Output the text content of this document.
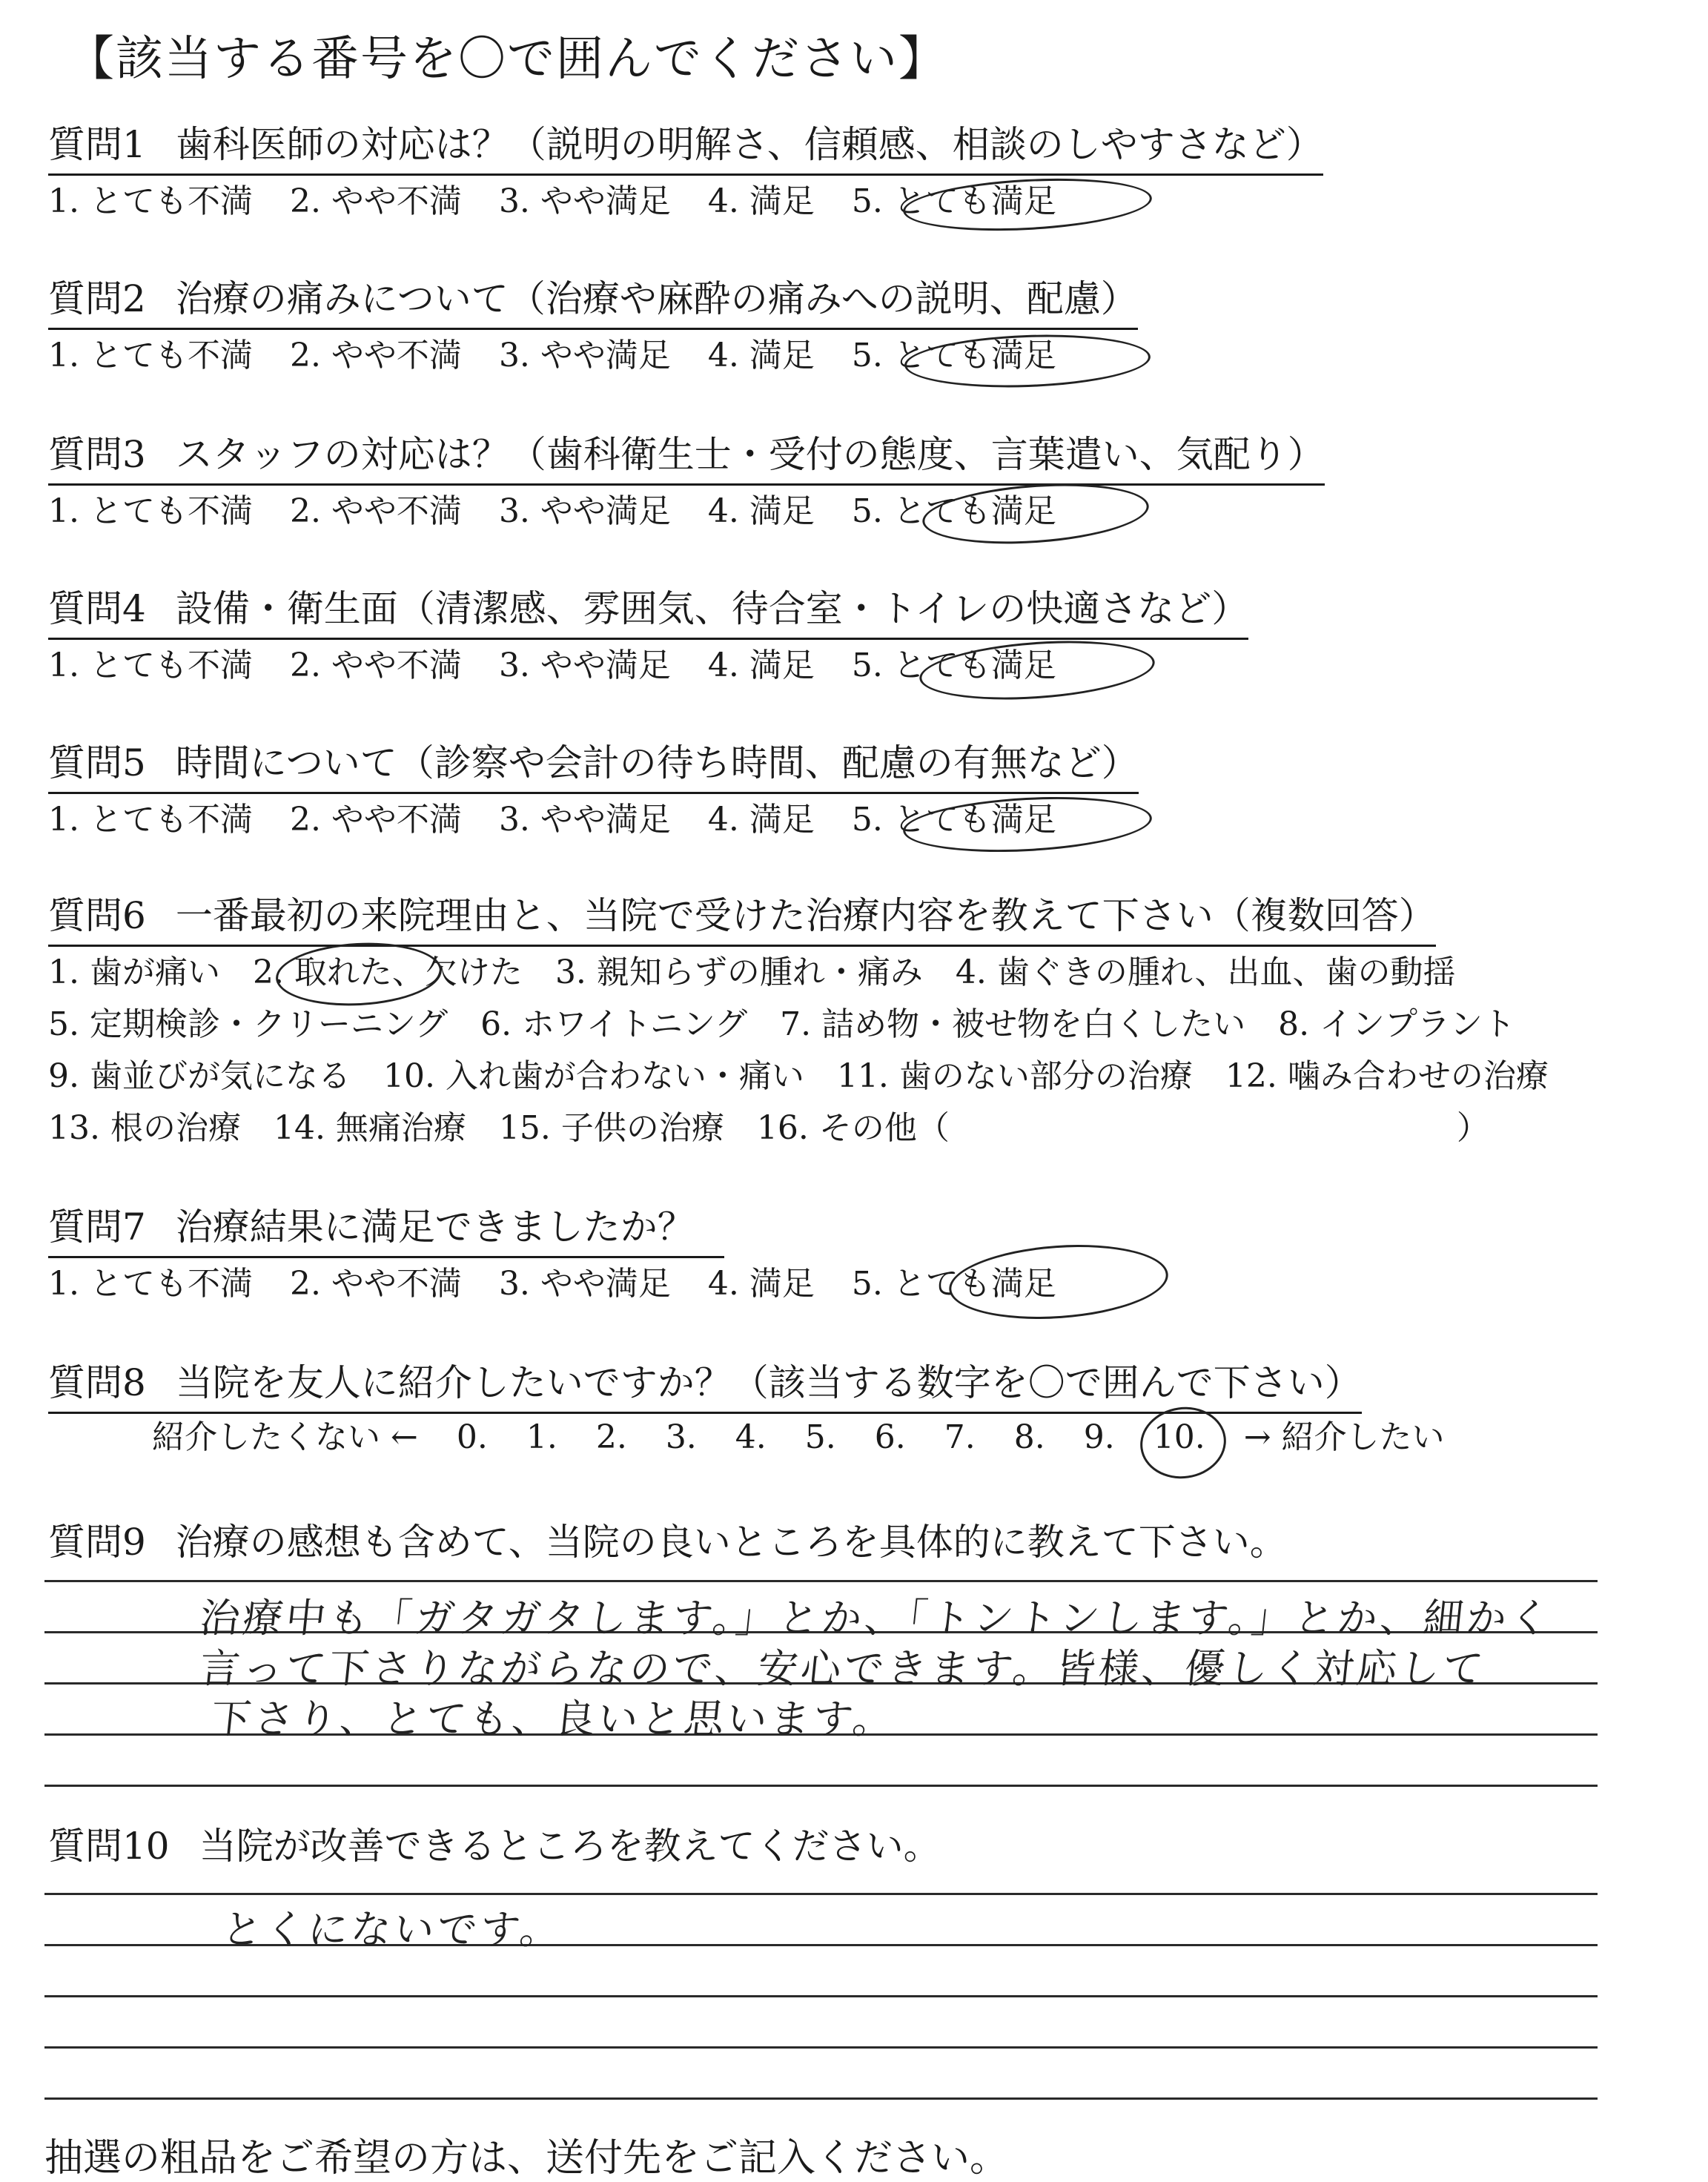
【該当する番号を〇で囲んでください】
質問1 歯科医師の対応は？（説明の明解さ、信頼感、相談のしやすさなど）
1. とても不満 2. やや不満 3. やや満足 4. 満足 5. とても満足
質問2 治療の痛みについて（治療や麻酔の痛みへの説明、配慮）
1. とても不満 2. やや不満 3. やや満足 4. 満足 5. とても満足
質問3 スタッフの対応は？（歯科衛生士・受付の態度、言葉遣い、気配り）
1. とても不満 2. やや不満 3. やや満足 4. 満足 5. とても満足
質問4 設備・衛生面（清潔感、雰囲気、待合室・トイレの快適さなど）
1. とても不満 2. やや不満 3. やや満足 4. 満足 5. とても満足
質問5 時間について（診察や会計の待ち時間、配慮の有無など）
1. とても不満 2. やや不満 3. やや満足 4. 満足 5. とても満足
質問6 一番最初の来院理由と、当院で受けた治療内容を教えて下さい（複数回答）
1. 歯が痛い 2. 取れた、欠けた 3. 親知らずの腫れ・痛み 4. 歯ぐきの腫れ、出血、歯の動揺
5. 定期検診・クリーニング 6. ホワイトニング 7. 詰め物・被せ物を白くしたい 8. インプラント
9. 歯並びが気になる 10. 入れ歯が合わない・痛い 11. 歯のない部分の治療 12. 噛み合わせの治療
13. 根の治療 14. 無痛治療 15. 子供の治療 16. その他（	）
質問7 治療結果に満足できましたか？
1. とても不満 2. やや不満 3. やや満足 4. 満足 5. とても満足
質問8 当院を友人に紹介したいですか？（該当する数字を〇で囲んで下さい）
紹介したくない ← 0. 1. 2. 3. 4. 5. 6. 7. 8. 9. 10. → 紹介したい
質問9 治療の感想も含めて、当院の良いところを具体的に教えて下さい。
治療中も「ガタガタします。」とか、「トントンします。」とか、細かく
言って下さりながらなので、安心できます。皆様、優しく対応して
下さり、とても、良いと思います。
質問10 当院が改善できるところを教えてください。
とくにないです。
抽選の粗品をご希望の方は、送付先をご記入ください。
